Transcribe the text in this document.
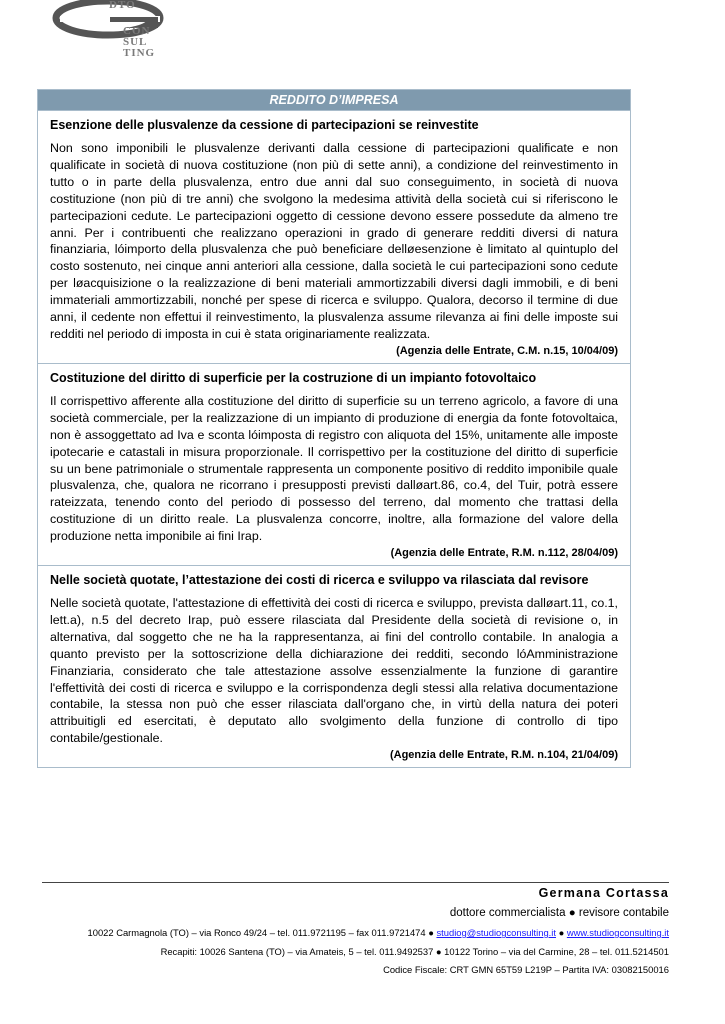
DTO
CON
SUL
TING
REDDITO D’IMPRESA
Esenzione delle plusvalenze da cessione di partecipazioni se reinvestite

Non sono imponibili le plusvalenze derivanti dalla cessione di partecipazioni qualificate e non qualificate in società di nuova costituzione (non più di sette anni), a condizione del reinvestimento in tutto o in parte della plusvalenza, entro due anni dal suo conseguimento, in società di nuova costituzione (non più di tre anni) che svolgono la medesima attività della società cui si riferiscono le partecipazioni cedute. Le partecipazioni oggetto di cessione devono essere possedute da almeno tre anni. Per i contribuenti che realizzano operazioni in grado di generare redditi diversi di natura finanziaria, lóimporto della plusvalenza che può beneficiare delløesenzione è limitato al quintuplo del costo sostenuto, nei cinque anni anteriori alla cessione, dalla società le cui partecipazioni sono cedute per løacquisizione o la realizzazione di beni materiali ammortizzabili diversi dagli immobili, e di beni immateriali ammortizzabili, nonché per spese di ricerca e sviluppo. Qualora, decorso il termine di due anni, il cedente non effettui il reinvestimento, la plusvalenza assume rilevanza ai fini delle imposte sui redditi nel periodo di imposta in cui è stata originariamente realizzata.

(Agenzia delle Entrate, C.M. n.15, 10/04/09)
Costituzione del diritto di superficie per la costruzione di un impianto fotovoltaico

Il corrispettivo afferente alla costituzione del diritto di superficie su un terreno agricolo, a favore di una società commerciale, per la realizzazione di un impianto di produzione di energia da fonte fotovoltaica, non è assoggettato ad Iva e sconta lóimposta di registro con aliquota del 15%, unitamente alle imposte ipotecarie e catastali in misura proporzionale. Il corrispettivo per la costituzione del diritto di superficie su un bene patrimoniale o strumentale rappresenta un componente positivo di reddito imponibile quale plusvalenza, che, qualora ne ricorrano i presupposti previsti dalløart.86, co.4, del Tuir, potrà essere rateizzata, tenendo conto del periodo di possesso del terreno, dal momento che trattasi della costituzione di un diritto reale. La plusvalenza concorre, inoltre, alla formazione del valore della produzione netta imponibile ai fini Irap.

(Agenzia delle Entrate, R.M. n.112, 28/04/09)
Nelle società quotate, l’attestazione dei costi di ricerca e sviluppo va rilasciata dal revisore

Nelle società quotate, l'attestazione di effettività dei costi di ricerca e sviluppo, prevista dalløart.11, co.1, lett.a), n.5 del decreto Irap, può essere rilasciata dal Presidente della società di revisione o, in alternativa, dal soggetto che ne ha la rappresentanza, ai fini del controllo contabile. In analogia a quanto previsto per la sottoscrizione della dichiarazione dei redditi, secondo lóAmministrazione Finanziaria, considerato che tale attestazione assolve essenzialmente la funzione di garantire l'effettività dei costi di ricerca e sviluppo e la corrispondenza degli stessi alla relativa documentazione contabile, la stessa non può che esser rilasciata dall'organo che, in virtù della natura dei poteri attribuitigli ed esercitati, è deputato allo svolgimento della funzione di controllo di tipo contabile/gestionale.

(Agenzia delle Entrate, R.M. n.104, 21/04/09)
Germana Cortassa
dottore commercialista ● revisore contabile
10022 Carmagnola (TO) – via Ronco 49/24 – tel. 011.9721195 – fax 011.9721474 ● studiog@studiogconsulting.it ● www.studiogconsulting.it
Recapiti: 10026 Santena (TO) – via Amateis, 5 – tel. 011.9492537 ● 10122 Torino – via del Carmine, 28 – tel. 011.5214501
Codice Fiscale: CRT GMN 65T59 L219P – Partita IVA: 03082150016
